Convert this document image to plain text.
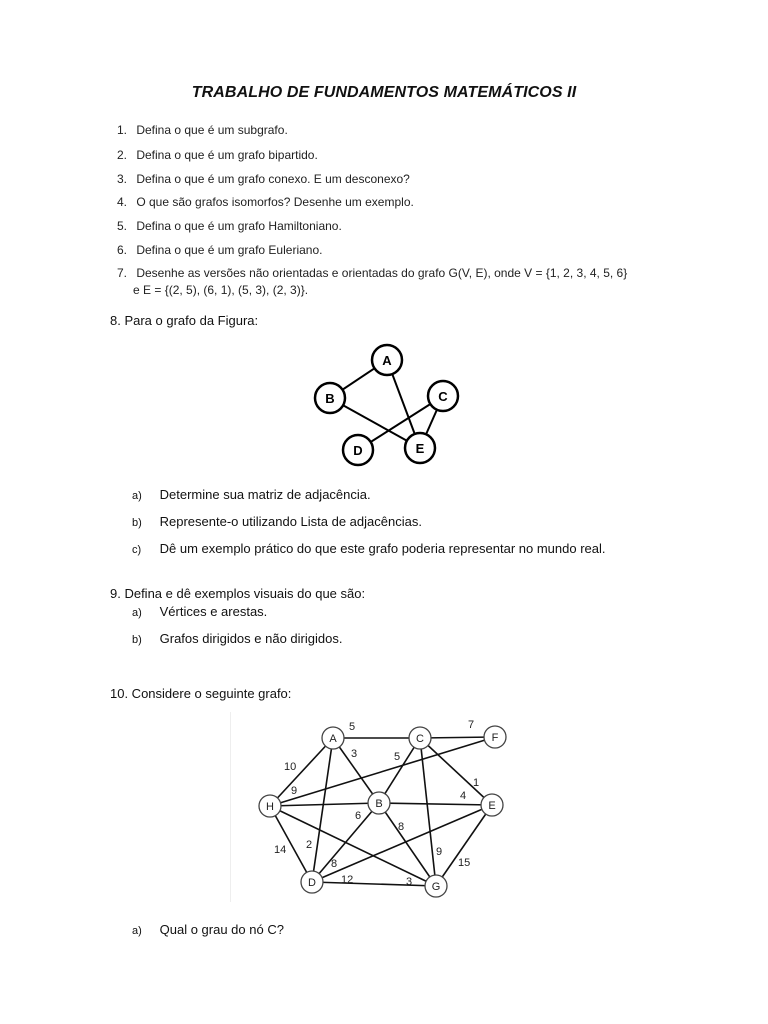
TRABALHO DE FUNDAMENTOS MATEMÁTICOS II
1. Defina o que é um subgrafo.
2. Defina o que é um grafo bipartido.
3. Defina o que é um grafo conexo. E um desconexo?
4. O que são grafos isomorfos? Desenhe um exemplo.
5. Defina o que é um grafo Hamiltoniano.
6. Defina o que é um grafo Euleriano.
7. Desenhe as versões não orientadas e orientadas do grafo G(V, E), onde V = {1, 2, 3, 4, 5, 6}
e E = {(2, 5), (6, 1), (5, 3), (2, 3)}.
8. Para o grafo da Figura:
A
B	C
D	E
a) Determine sua matriz de adjacência.
b) Represente-o utilizando Lista de adjacências.
c) Dê um exemplo prático do que este grafo poderia representar no mundo real.
9. Defina e dê exemplos visuais do que são:
a) Vértices e arestas.
b) Grafos dirigidos e não dirigidos.
10. Considere o seguinte grafo:
A	C	F
H	B	E
D	G
5	7
10
3	5
1
9	4
6
8
14 2
8
12	3
9
15
a) Qual o grau do nó C?
